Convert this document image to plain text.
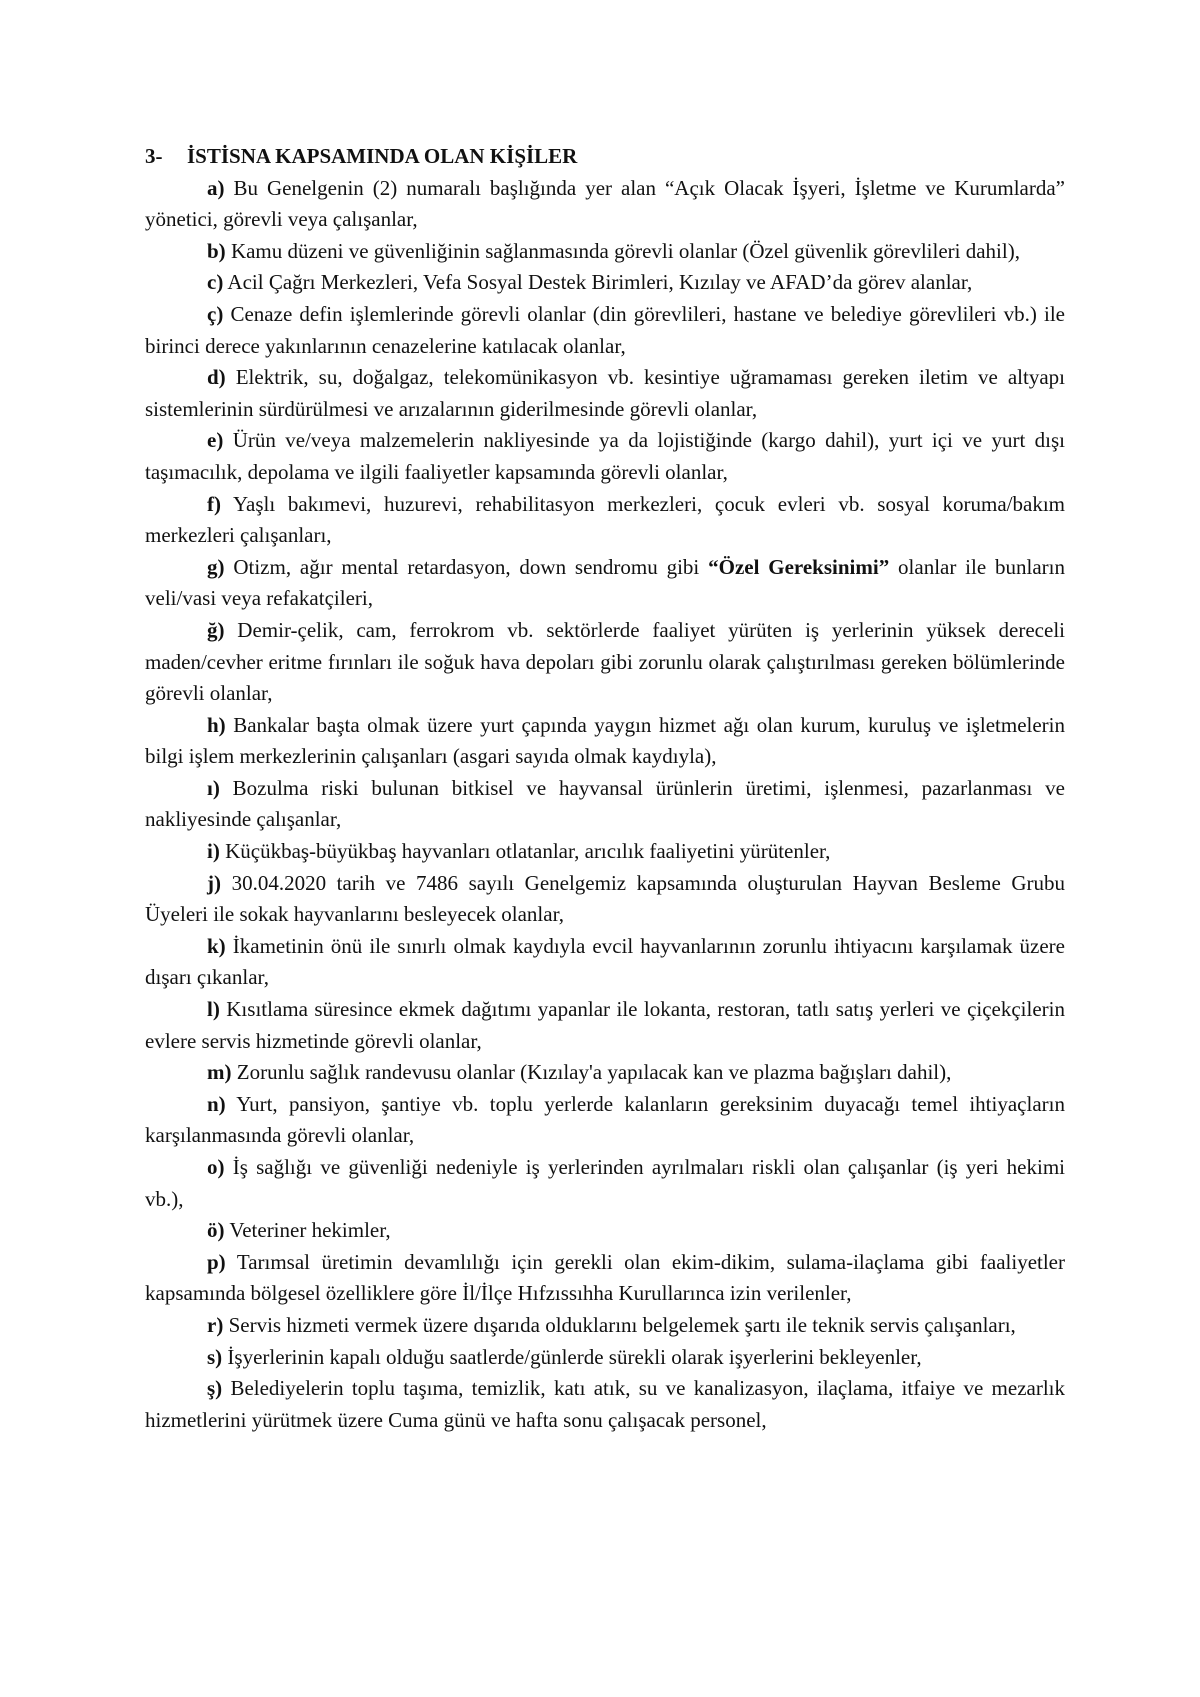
3- İSTİSNA KAPSAMINDA OLAN KİŞİLER

a) Bu Genelgenin (2) numaralı başlığında yer alan “Açık Olacak İşyeri, İşletme ve Kurumlarda” yönetici, görevli veya çalışanlar,

b) Kamu düzeni ve güvenliğinin sağlanmasında görevli olanlar (Özel güvenlik görevlileri dahil),

c) Acil Çağrı Merkezleri, Vefa Sosyal Destek Birimleri, Kızılay ve AFAD’da görev alanlar,

ç) Cenaze defin işlemlerinde görevli olanlar (din görevlileri, hastane ve belediye görevlileri vb.) ile birinci derece yakınlarının cenazelerine katılacak olanlar,

d) Elektrik, su, doğalgaz, telekomünikasyon vb. kesintiye uğramaması gereken iletim ve altyapı sistemlerinin sürdürülmesi ve arızalarının giderilmesinde görevli olanlar,

e) Ürün ve/veya malzemelerin nakliyesinde ya da lojistiğinde (kargo dahil), yurt içi ve yurt dışı taşımacılık, depolama ve ilgili faaliyetler kapsamında görevli olanlar,

f) Yaşlı bakımevi, huzurevi, rehabilitasyon merkezleri, çocuk evleri vb. sosyal koruma/bakım merkezleri çalışanları,

g) Otizm, ağır mental retardasyon, down sendromu gibi “Özel Gereksinimi” olanlar ile bunların veli/vasi veya refakatçileri,

ğ) Demir-çelik, cam, ferrokrom vb. sektörlerde faaliyet yürüten iş yerlerinin yüksek dereceli maden/cevher eritme fırınları ile soğuk hava depoları gibi zorunlu olarak çalıştırılması gereken bölümlerinde görevli olanlar,

h) Bankalar başta olmak üzere yurt çapında yaygın hizmet ağı olan kurum, kuruluş ve işletmelerin bilgi işlem merkezlerinin çalışanları (asgari sayıda olmak kaydıyla),

ı) Bozulma riski bulunan bitkisel ve hayvansal ürünlerin üretimi, işlenmesi, pazarlanması ve nakliyesinde çalışanlar,

i) Küçükbaş-büyükbaş hayvanları otlatanlar, arıcılık faaliyetini yürütenler,

j) 30.04.2020 tarih ve 7486 sayılı Genelgemiz kapsamında oluşturulan Hayvan Besleme Grubu Üyeleri ile sokak hayvanlarını besleyecek olanlar,

k) İkametinin önü ile sınırlı olmak kaydıyla evcil hayvanlarının zorunlu ihtiyacını karşılamak üzere dışarı çıkanlar,

l) Kısıtlama süresince ekmek dağıtımı yapanlar ile lokanta, restoran, tatlı satış yerleri ve çiçekçilerin evlere servis hizmetinde görevli olanlar,

m) Zorunlu sağlık randevusu olanlar (Kızılay'a yapılacak kan ve plazma bağışları dahil),

n) Yurt, pansiyon, şantiye vb. toplu yerlerde kalanların gereksinim duyacağı temel ihtiyaçların karşılanmasında görevli olanlar,

o) İş sağlığı ve güvenliği nedeniyle iş yerlerinden ayrılmaları riskli olan çalışanlar (iş yeri hekimi vb.),

ö) Veteriner hekimler,

p) Tarımsal üretimin devamlılığı için gerekli olan ekim-dikim, sulama-ilaçlama gibi faaliyetler kapsamında bölgesel özelliklere göre İl/İlçe Hıfzıssıhha Kurullarınca izin verilenler,

r) Servis hizmeti vermek üzere dışarıda olduklarını belgelemek şartı ile teknik servis çalışanları,

s) İşyerlerinin kapalı olduğu saatlerde/günlerde sürekli olarak işyerlerini bekleyenler,

ş) Belediyelerin toplu taşıma, temizlik, katı atık, su ve kanalizasyon, ilaçlama, itfaiye ve mezarlık hizmetlerini yürütmek üzere Cuma günü ve hafta sonu çalışacak personel,
